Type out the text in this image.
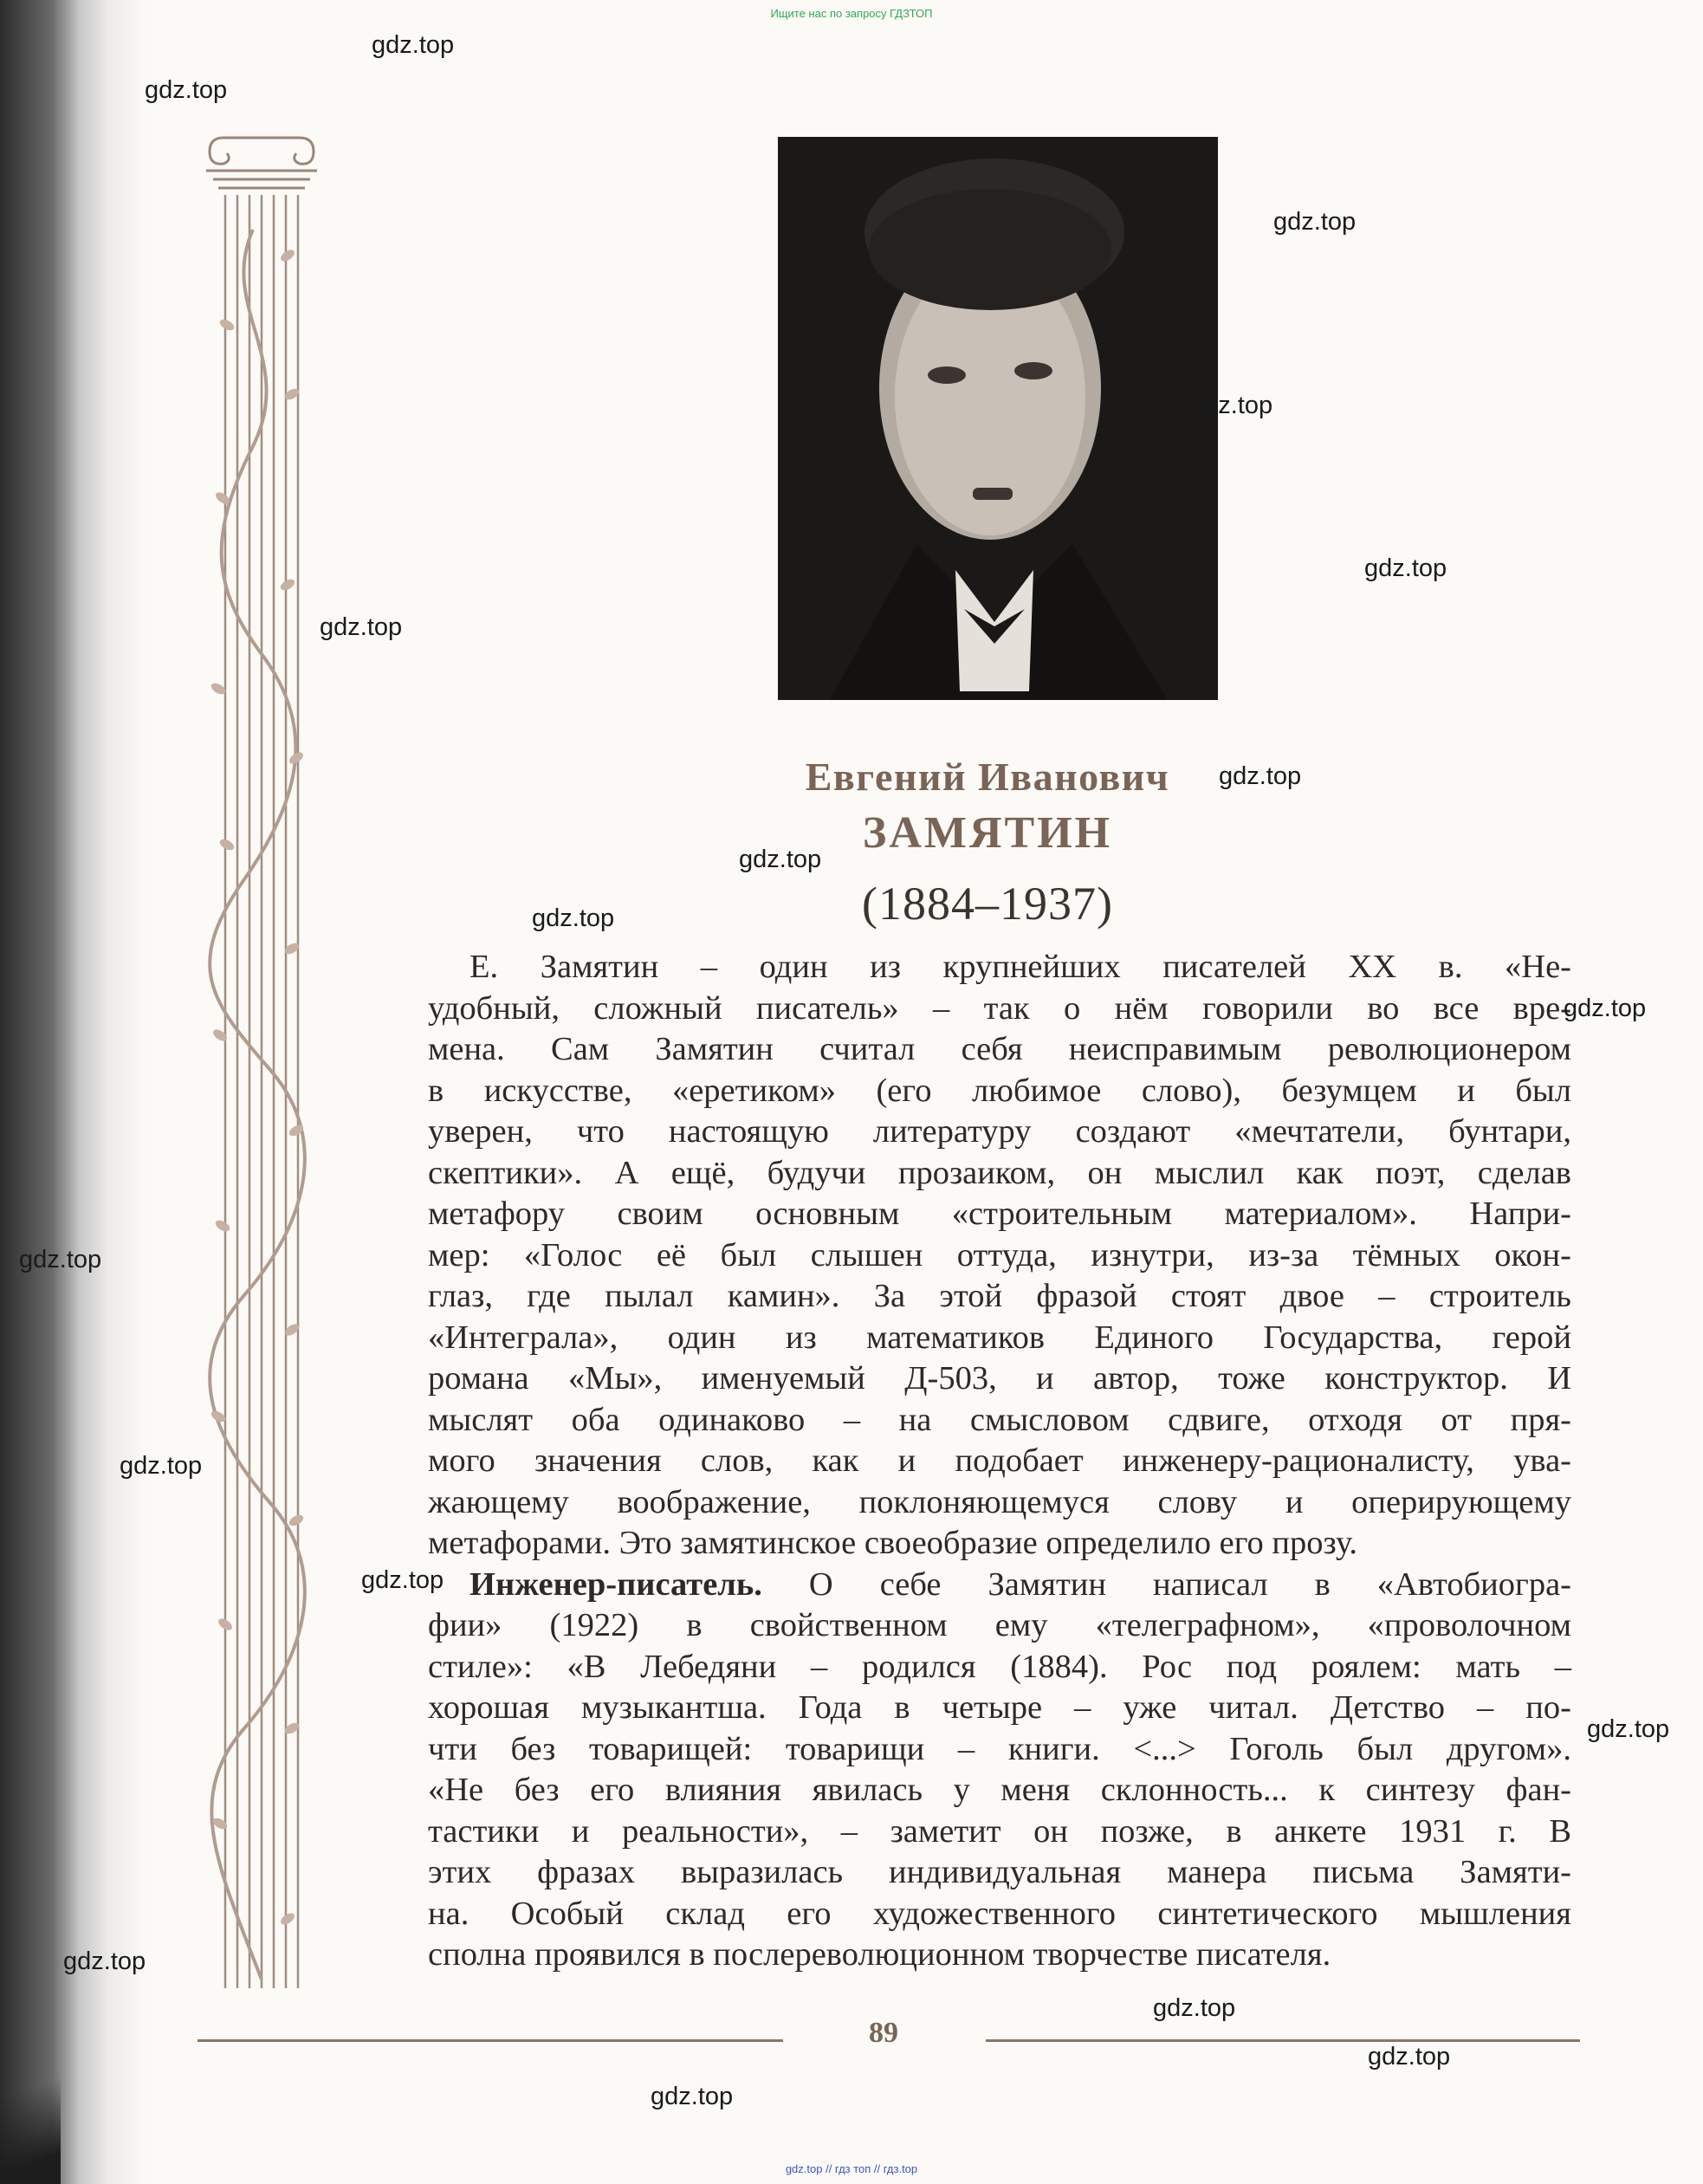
Ищите нас по запросу ГДЗТОП
Евгений Иванович
ЗАМЯТИН
(1884–1937)
Е. Замятин – один из крупнейших писателей XX в. «Не-
удобный, сложный писатель» – так о нём говорили во все вре-
мена. Сам Замятин считал себя неисправимым революционером
в искусстве, «еретиком» (его любимое слово), безумцем и был
уверен, что настоящую литературу создают «мечтатели, бунтари,
скептики». А ещё, будучи прозаиком, он мыслил как поэт, сделав
метафору своим основным «строительным материалом». Напри-
мер: «Голос её был слышен оттуда, изнутри, из-за тёмных окон-
глаз, где пылал камин». За этой фразой стоят двое – строитель
«Интеграла», один из математиков Единого Государства, герой
романа «Мы», именуемый Д-503, и автор, тоже конструктор. И
мыслят оба одинаково – на смысловом сдвиге, отходя от пря-
мого значения слов, как и подобает инженеру-рационалисту, ува-
жающему воображение, поклоняющемуся слову и оперирующему
метафорами. Это замятинское своеобразие определило его прозу.
Инженер-писатель. О себе Замятин написал в «Автобиогра-
фии» (1922) в свойственном ему «телеграфном», «проволочном
стиле»: «В Лебедяни – родился (1884). Рос под роялем: мать –
хорошая музыкантша. Года в четыре – уже читал. Детство – по-
чти без товарищей: товарищи – книги. <...> Гоголь был другом».
«Не без его влияния явилась у меня склонность... к синтезу фан-
тастики и реальности», – заметит он позже, в анкете 1931 г. В
этих фразах выразилась индивидуальная манера письма Замяти-
на. Особый склад его художественного синтетического мышления
сполна проявился в послереволюционном творчестве писателя.
89
gdz.top
gdz.top
gdz.top
gdz.top
gdz.top
gdz.top
gdz.top
gdz.top
gdz.top
gdz.top
gdz.top
gdz.top
gdz.top
gdz.top
gdz.top
gdz.top
gdz.top
gdz.top
gdz.top // гдз топ // гдз.top
